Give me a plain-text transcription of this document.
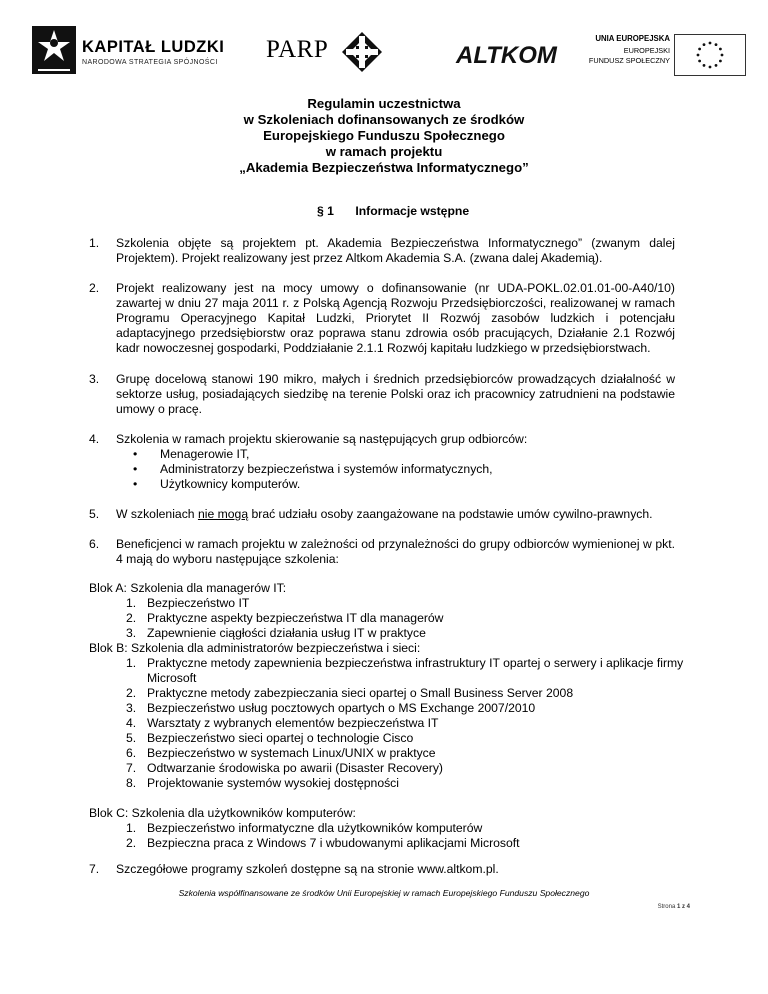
KAPITAŁ LUDZKI
NARODOWA STRATEGIA SPÓJNOŚCI PARP	ALTKOM
UNIA EUROPEJSKA
EUROPEJSKI
FUNDUSZ SPOŁECZNY
Regulamin uczestnictwa
w Szkoleniach dofinansowanych ze środków
Europejskiego Funduszu Społecznego
w ramach projektu
„Akademia Bezpieczeństwa Informatycznego”
§ 1 Informacje wstępne
1. Szkolenia objęte są projektem pt. Akademia Bezpieczeństwa Informatycznego” (zwanym dalej Projektem). Projekt realizowany jest przez Altkom Akademia S.A. (zwana dalej Akademią).
2. Projekt realizowany jest na mocy umowy o dofinansowanie (nr UDA-POKL.02.01.01-00-A40/10) zawartej w dniu 27 maja 2011 r. z Polską Agencją Rozwoju Przedsiębiorczości, realizowanej w ramach Programu Operacyjnego Kapitał Ludzki, Priorytet II Rozwój zasobów ludzkich i potencjału adaptacyjnego przedsiębiorstw oraz poprawa stanu zdrowia osób pracujących, Działanie 2.1 Rozwój kadr nowoczesnej gospodarki, Poddziałanie 2.1.1 Rozwój kapitału ludzkiego w przedsiębiorstwach.
3. Grupę docelową stanowi 190 mikro, małych i średnich przedsiębiorców prowadzących działalność w sektorze usług, posiadających siedzibę na terenie Polski oraz ich pracownicy zatrudnieni na podstawie umowy o pracę.
4. Szkolenia w ramach projektu skierowanie są następujących grup odbiorców:
• Menagerowie IT,
• Administratorzy bezpieczeństwa i systemów informatycznych,
• Użytkownicy komputerów.
5. W szkoleniach nie mogą brać udziału osoby zaangażowane na podstawie umów cywilno-prawnych.
6. Beneficjenci w ramach projektu w zależności od przynależności do grupy odbiorców wymienionej w pkt. 4 mają do wyboru następujące szkolenia:
Blok A: Szkolenia dla managerów IT:
1. Bezpieczeństwo IT
2. Praktyczne aspekty bezpieczeństwa IT dla managerów
3. Zapewnienie ciągłości działania usług IT w praktyce
Blok B: Szkolenia dla administratorów bezpieczeństwa i sieci:
1. Praktyczne metody zapewnienia bezpieczeństwa infrastruktury IT opartej o serwery i aplikacje firmy Microsoft
2. Praktyczne metody zabezpieczania sieci opartej o Small Business Server 2008
3. Bezpieczeństwo usług pocztowych opartych o MS Exchange 2007/2010
4. Warsztaty z wybranych elementów bezpieczeństwa IT
5. Bezpieczeństwo sieci opartej o technologie Cisco
6. Bezpieczeństwo w systemach Linux/UNIX w praktyce
7. Odtwarzanie środowiska po awarii (Disaster Recovery)
8. Projektowanie systemów wysokiej dostępności
Blok C: Szkolenia dla użytkowników komputerów:
1. Bezpieczeństwo informatyczne dla użytkowników komputerów
2. Bezpieczna praca z Windows 7 i wbudowanymi aplikacjami Microsoft
7. Szczegółowe programy szkoleń dostępne są na stronie www.altkom.pl.
Szkolenia współfinansowane ze środków Unii Europejskiej w ramach Europejskiego Funduszu Społecznego
Strona 1 z 4
